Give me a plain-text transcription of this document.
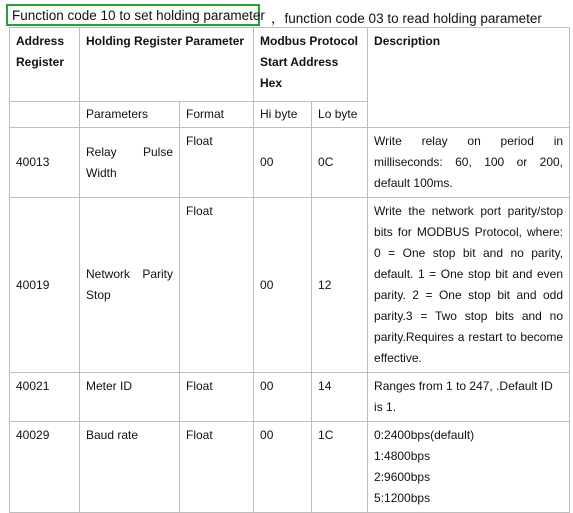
Function code 10 to set holding parameter ，function code 03 to read holding parameter
Address Register	Holding Register Parameter		Modbus Protocol Start Address Hex		Description
	Parameters	Format	Hi byte	Lo byte	
40013	Relay Pulse Width	Float	00	0C	Write relay on period in milliseconds: 60, 100 or 200, default 100ms.
40019	Network Parity Stop	Float	00	12	Write the network port parity/stop bits for MODBUS Protocol, where: 0 = One stop bit and no parity, default. 1 = One stop bit and even parity. 2 = One stop bit and odd parity.3 = Two stop bits and no parity.Requires a restart to become effective.
40021	Meter ID	Float	00	14	Ranges from 1 to 247, .Default ID is 1.
40029	Baud rate	Float	00	1C	0:2400bps(default)
1:4800bps
2:9600bps
5:1200bps
